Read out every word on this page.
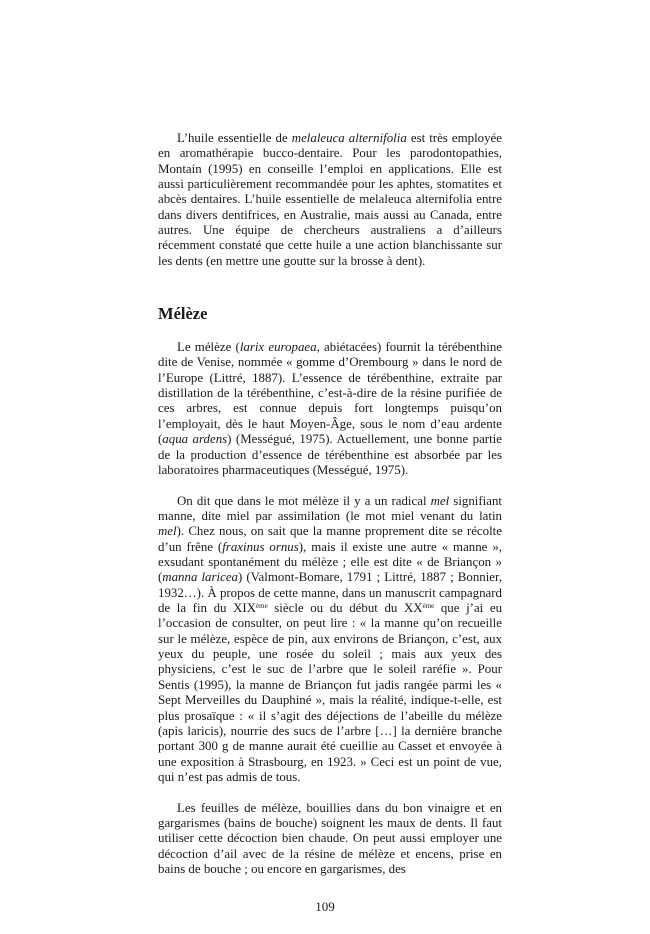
L’huile essentielle de melaleuca alternifolia est très employée en aromathérapie bucco-dentaire. Pour les parodontopathies, Montain (1995) en conseille l’emploi en applications. Elle est aussi particulièrement recommandée pour les aphtes, stomatites et abcès dentaires. L’huile essentielle de melaleuca alternifolia entre dans divers dentifrices, en Australie, mais aussi au Canada, entre autres. Une équipe de chercheurs australiens a d’ailleurs récemment constaté que cette huile a une action blanchissante sur les dents (en mettre une goutte sur la brosse à dent).

Mélèze

Le mélèze (larix europaea, abiétacées) fournit la térébenthine dite de Venise, nommée « gomme d’Orembourg » dans le nord de l’Europe (Littré, 1887). L’essence de térébenthine, extraite par distillation de la térébenthine, c’est-à-dire de la résine purifiée de ces arbres, est connue depuis fort longtemps puisqu’on l’employait, dès le haut Moyen-Âge, sous le nom d’eau ardente (aqua ardens) (Mességué, 1975). Actuellement, une bonne partie de la production d’essence de térébenthine est absorbée par les laboratoires pharmaceutiques (Mességué, 1975).

On dit que dans le mot mélèze il y a un radical mel signifiant manne, dite miel par assimilation (le mot miel venant du latin mel). Chez nous, on sait que la manne proprement dite se récolte d’un frêne (fraxinus ornus), mais il existe une autre « manne », exsudant spontanément du mélèze ; elle est dite « de Briançon » (manna laricea) (Valmont-Bomare, 1791 ; Littré, 1887 ; Bonnier, 1932…). À propos de cette manne, dans un manuscrit campagnard de la fin du XIXème siècle ou du début du XXème que j’ai eu l’occasion de consulter, on peut lire : « la manne qu’on recueille sur le mélèze, espèce de pin, aux environs de Briançon, c’est, aux yeux du peuple, une rosée du soleil ; mais aux yeux des physiciens, c’est le suc de l’arbre que le soleil raréfie ». Pour Sentis (1995), la manne de Briançon fut jadis rangée parmi les « Sept Merveilles du Dauphiné », mais la réalité, indique-t-elle, est plus prosaïque : « il s’agit des déjections de l’abeille du mélèze (apis laricis), nourrie des sucs de l’arbre […] la dernière branche portant 300 g de manne aurait été cueillie au Casset et envoyée à une exposition à Strasbourg, en 1923. » Ceci est un point de vue, qui n’est pas admis de tous.

Les feuilles de mélèze, bouillies dans du bon vinaigre et en gargarismes (bains de bouche) soignent les maux de dents. Il faut utiliser cette décoction bien chaude. On peut aussi employer une décoction d’ail avec de la résine de mélèze et encens, prise en bains de bouche ; ou encore en gargarismes, des

109
